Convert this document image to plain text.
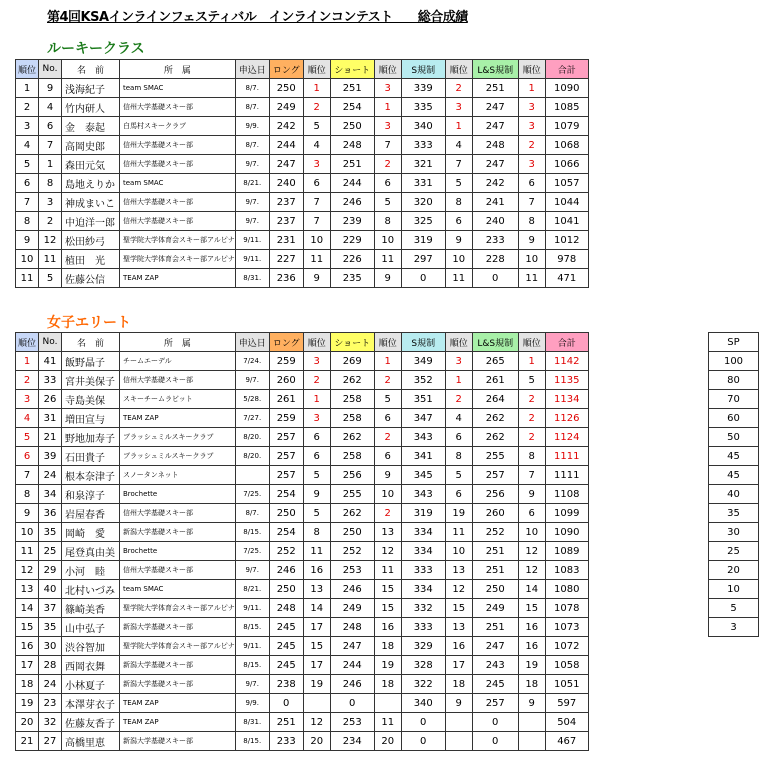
第4回KSAインラインフェスティバル　インラインコンテスト　　総合成績
ルーキークラス
順位	No.	名　前	所　属	申込日	ロング	順位	ショート	順位	S規制	順位	L&S規制	順位	合計
1	9	浅海紀子	team SMAC	8/7.	250	1	251	3	339	2	251	1	1090
2	4	竹内研人	信州大学基礎スキー部	8/7.	249	2	254	1	335	3	247	3	1085
3	6	金　泰起	白馬村スキークラブ	9/9.	242	5	250	3	340	1	247	3	1079
4	7	高岡史郎	信州大学基礎スキー部	8/7.	244	4	248	7	333	4	248	2	1068
5	1	森田元気	信州大学基礎スキー部	9/7.	247	3	251	2	321	7	247	3	1066
6	8	島地えりか	team SMAC	8/21.	240	6	244	6	331	5	242	6	1057
7	3	神成まいこ	信州大学基礎スキー部	9/7.	237	7	246	5	320	8	241	7	1044
8	2	中迫洋一郎	信州大学基礎スキー部	9/7.	237	7	239	8	325	6	240	8	1041
9	12	松田紗弓	聖学院大学体育会スキー部アルピナ	9/11.	231	10	229	10	319	9	233	9	1012
10	11	植田　光	聖学院大学体育会スキー部アルピナ	9/11.	227	11	226	11	297	10	228	10	978
11	5	佐藤公信	TEAM ZAP	8/31.	236	9	235	9	0	11	0	11	471
女子エリート
順位	No.	名　前	所　属	申込日	ロング	順位	ショート	順位	S規制	順位	L&S規制	順位	合計
1	41	飯野晶子	チームエーデル	7/24.	259	3	269	1	349	3	265	1	1142
2	33	宮井美保子	信州大学基礎スキー部	9/7.	260	2	262	2	352	1	261	5	1135
3	26	寺島美保	スキーチームラビット	5/28.	261	1	258	5	351	2	264	2	1134
4	31	増田宣与	TEAM ZAP	7/27.	259	3	258	6	347	4	262	2	1126
5	21	野地加寿子	ブラッシュミルスキークラブ	8/20.	257	6	262	2	343	6	262	2	1124
6	39	石田貴子	ブラッシュミルスキークラブ	8/20.	257	6	258	6	341	8	255	8	1111
7	24	根本奈津子	スノータンネット		257	5	256	9	345	5	257	7	1111
8	34	和泉淳子	Brochette	7/25.	254	9	255	10	343	6	256	9	1108
9	36	岩屋春香	信州大学基礎スキー部	8/7.	250	5	262	2	319	19	260	6	1099
10	35	岡崎　愛	新潟大学基礎スキー部	8/15.	254	8	250	13	334	11	252	10	1090
11	25	尾登真由美	Brochette	7/25.	252	11	252	12	334	10	251	12	1089
12	29	小河　睦	信州大学基礎スキー部	9/7.	246	16	253	11	333	13	251	12	1083
13	40	北村いづみ	team SMAC	8/21.	250	13	246	15	334	12	250	14	1080
14	37	篠崎美香	聖学院大学体育会スキー部アルピナ	9/11.	248	14	249	15	332	15	249	15	1078
15	35	山中弘子	新潟大学基礎スキー部	8/15.	245	17	248	16	333	13	251	16	1073
16	30	渋谷智加	聖学院大学体育会スキー部アルピナ	9/11.	245	15	247	18	329	16	247	16	1072
17	28	西岡衣舞	新潟大学基礎スキー部	8/15.	245	17	244	19	328	17	243	19	1058
18	24	小林夏子	新潟大学基礎スキー部	9/7.	238	19	246	18	322	18	245	18	1051
19	23	本澤芽衣子	TEAM ZAP	9/9.	0		0		340	9	257	9	597
20	32	佐藤友香子	TEAM ZAP	8/31.	251	12	253	11	0		0		504
21	27	高橋里恵	新潟大学基礎スキー部	8/15.	233	20	234	20	0		0		467
SP
100
80
70
60
50
45
45
40
35
30
25
20
10
5
3
